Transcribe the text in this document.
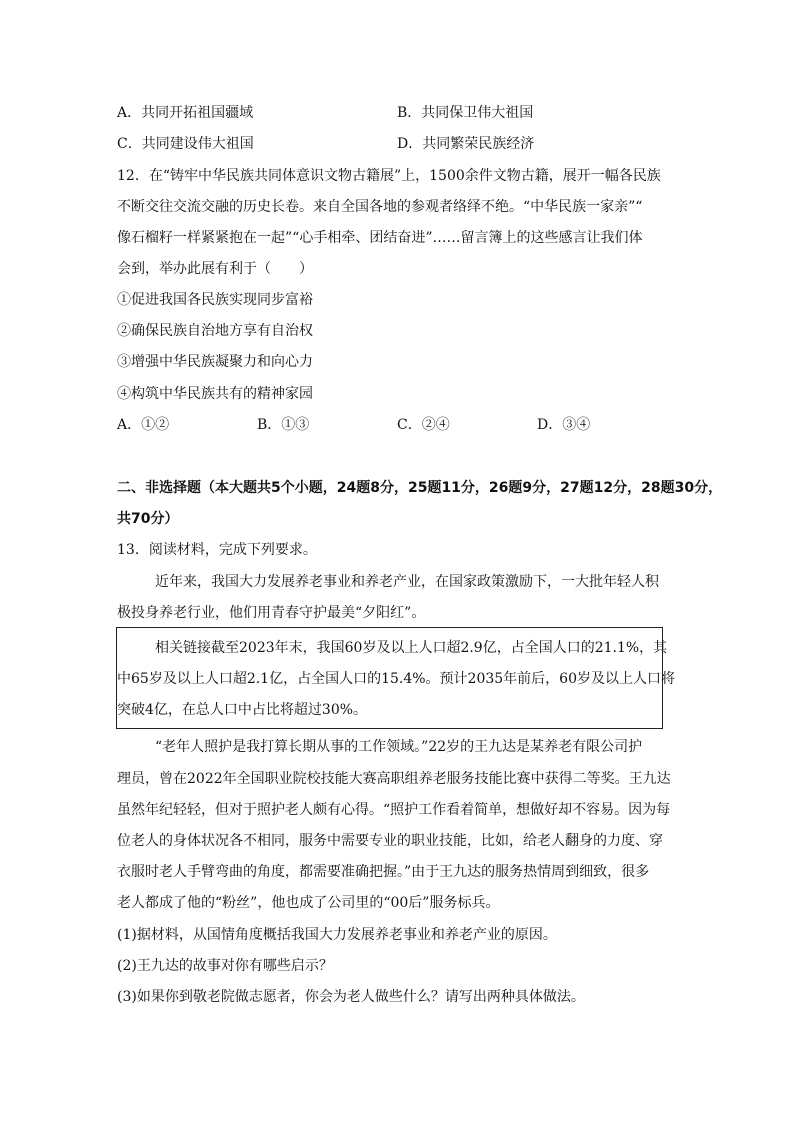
A．共同开拓祖国疆域	B．共同保卫伟大祖国
C．共同建设伟大祖国	D．共同繁荣民族经济
12．在“铸牢中华民族共同体意识文物古籍展”上，1500余件文物古籍，展开一幅各民族
不断交往交流交融的历史长卷。来自全国各地的参观者络绎不绝。“中华民族一家亲”“
像石榴籽一样紧紧抱在一起”“心手相牵、团结奋进”……留言簿上的这些感言让我们体
会到，举办此展有利于（　　）
①促进我国各民族实现同步富裕
②确保民族自治地方享有自治权
③增强中华民族凝聚力和向心力
④构筑中华民族共有的精神家园
A．①②	B．①③	C．②④	D．③④
二、非选择题（本大题共5个小题，24题8分，25题11分，26题9分，27题12分，28题30分，
共70分）
13．阅读材料，完成下列要求。
近年来，我国大力发展养老事业和养老产业，在国家政策激励下，一大批年轻人积
极投身养老行业，他们用青春守护最美“夕阳红”。
相关链接截至2023年末，我国60岁及以上人口超2.9亿，占全国人口的21.1%，其
中65岁及以上人口超2.1亿，占全国人口的15.4%。预计2035年前后，60岁及以上人口将
突破4亿，在总人口中占比将超过30%。
“老年人照护是我打算长期从事的工作领域。”22岁的王九达是某养老有限公司护
理员，曾在2022年全国职业院校技能大赛高职组养老服务技能比赛中获得二等奖。王九达
虽然年纪轻轻，但对于照护老人颇有心得。“照护工作看着简单，想做好却不容易。因为每
位老人的身体状况各不相同，服务中需要专业的职业技能，比如，给老人翻身的力度、穿
衣服时老人手臂弯曲的角度，都需要准确把握。”由于王九达的服务热情周到细致，很多
老人都成了他的“粉丝”，他也成了公司里的“00后”服务标兵。
(1)据材料，从国情角度概括我国大力发展养老事业和养老产业的原因。
(2)王九达的故事对你有哪些启示？
(3)如果你到敬老院做志愿者，你会为老人做些什么？请写出两种具体做法。
